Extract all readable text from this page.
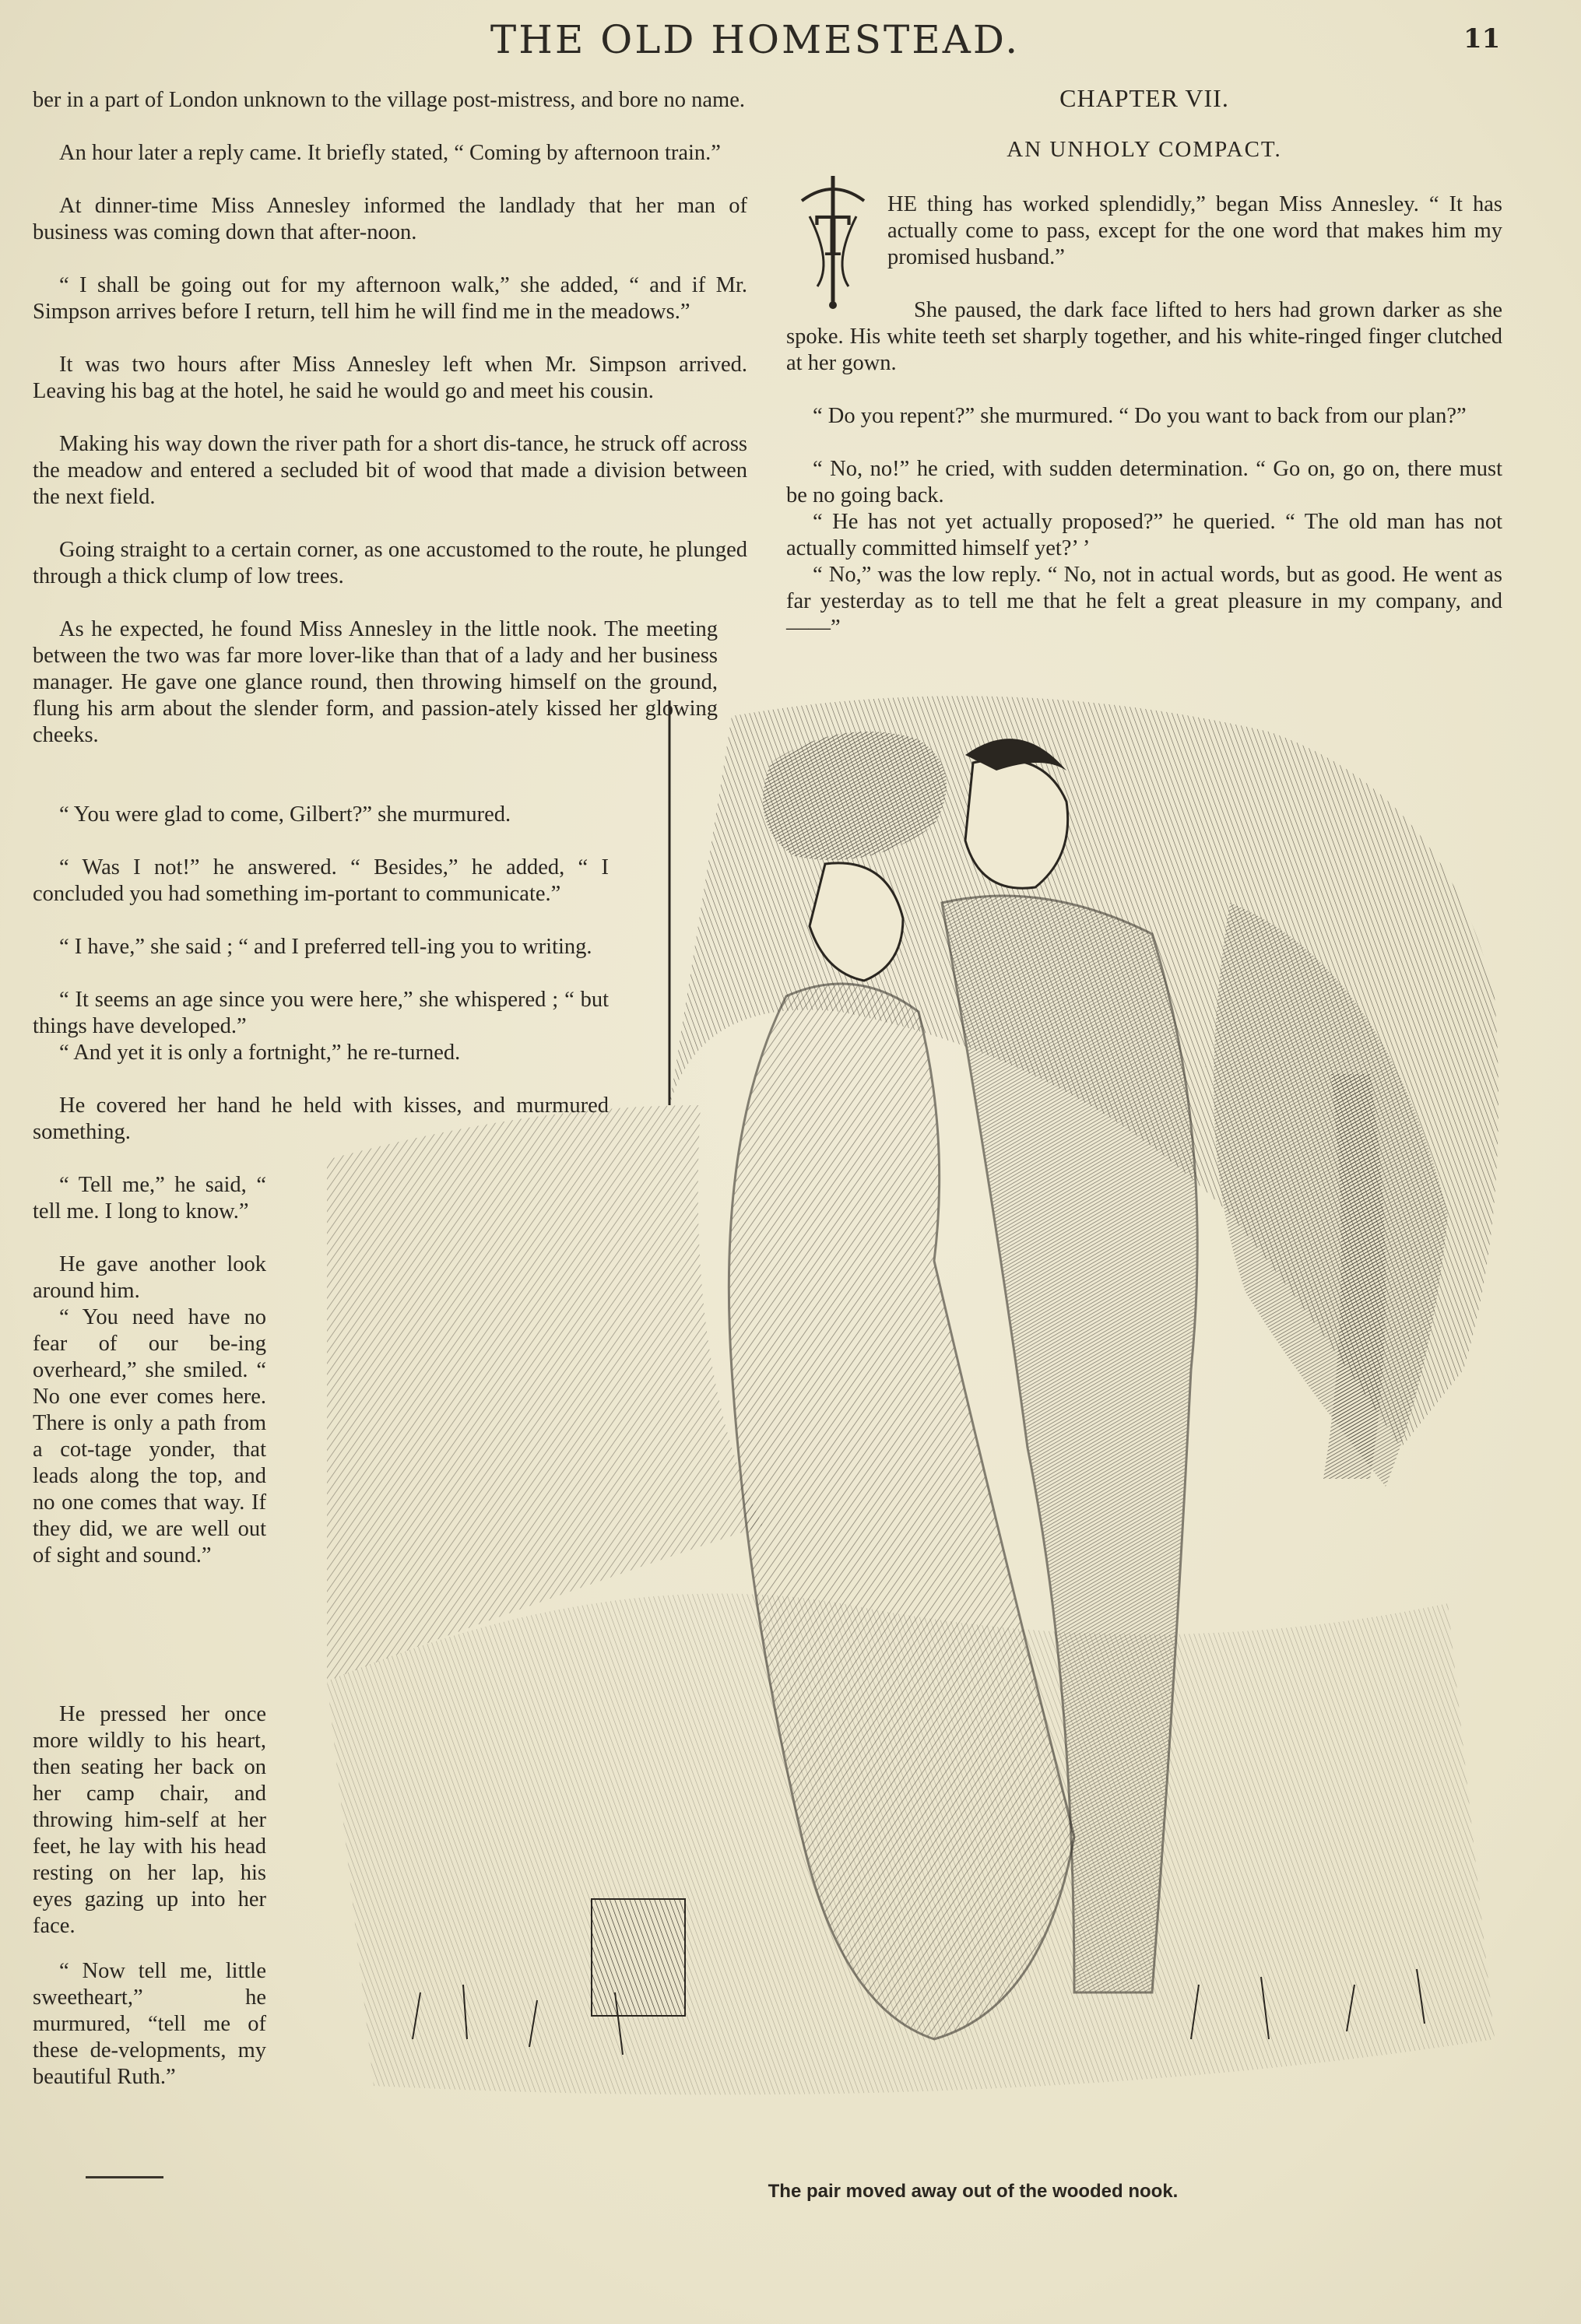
THE OLD HOMESTEAD.	11

ber in a part of London unknown to the village post-mistress, and bore no name.

An hour later a reply came. It briefly stated, “ Coming by afternoon train.”

At dinner-time Miss Annesley informed the landlady that her man of business was coming down that after-noon.

“ I shall be going out for my afternoon walk,” she added, “ and if Mr. Simpson arrives before I return, tell him he will find me in the meadows.”

It was two hours after Miss Annesley left when Mr. Simpson arrived. Leaving his bag at the hotel, he said he would go and meet his cousin.

Making his way down the river path for a short dis-tance, he struck off across the meadow and entered a secluded bit of wood that made a division between the next field.

Going straight to a certain corner, as one accustomed to the route, he plunged through a thick clump of low trees.

As he expected, he found Miss Annesley in the little nook. The meeting between the two was far more lover-like than that of a lady and her business manager. He gave one glance round, then throwing himself on the ground, flung his arm about the slender form, and passion-ately kissed her glowing cheeks.

“ You were glad to come, Gilbert?” she murmured.

“ Was I not!” he answered. “ Besides,” he added, “ I concluded you had something im-portant to communicate.”

“ I have,” she said ; “ and I preferred tell-ing you to writing.

“ It seems an age since you were here,” she whispered ; “ but things have developed.”

“ And yet it is only a fortnight,” he re-turned.

He covered her hand he held with kisses, and murmured something.

“ Tell me,” he said, “ tell me. I long to know.”

He gave another look around him.

“ You need have no fear of our be-ing overheard,” she smiled. “ No one ever comes here. There is only a path from a cot-tage yonder, that leads along the top, and no one comes that way. If they did, we are well out of sight and sound.”

He pressed her once more wildly to his heart, then seating her back on her camp chair, and throwing him-self at her feet, he lay with his head resting on her lap, his eyes gazing up into her face.

“ Now tell me, little sweetheart,” he murmured, “tell me of these de-velopments, my beautiful Ruth.”

CHAPTER VII.
AN UNHOLY COMPACT.
T

HE thing has worked splendidly,” began Miss Annesley. “ It has actually come to pass, except for the one word that makes him my promised husband.”

She paused, the dark face lifted to hers had grown darker as she spoke. His white teeth set sharply together, and his white-ringed finger clutched at her gown.

“ Do you repent?” she murmured. “ Do you want to back from our plan?”

“ No, no!” he cried, with sudden determination. “ Go on, go on, there must be no going back.

“ He has not yet actually proposed?” he queried. “ The old man has not actually committed himself yet?’ ’

“ No,” was the low reply. “ No, not in actual words, but as good. He went as far yesterday as to tell me that he felt a great pleasure in my company, and ——”

The pair moved away out of the wooded nook.
